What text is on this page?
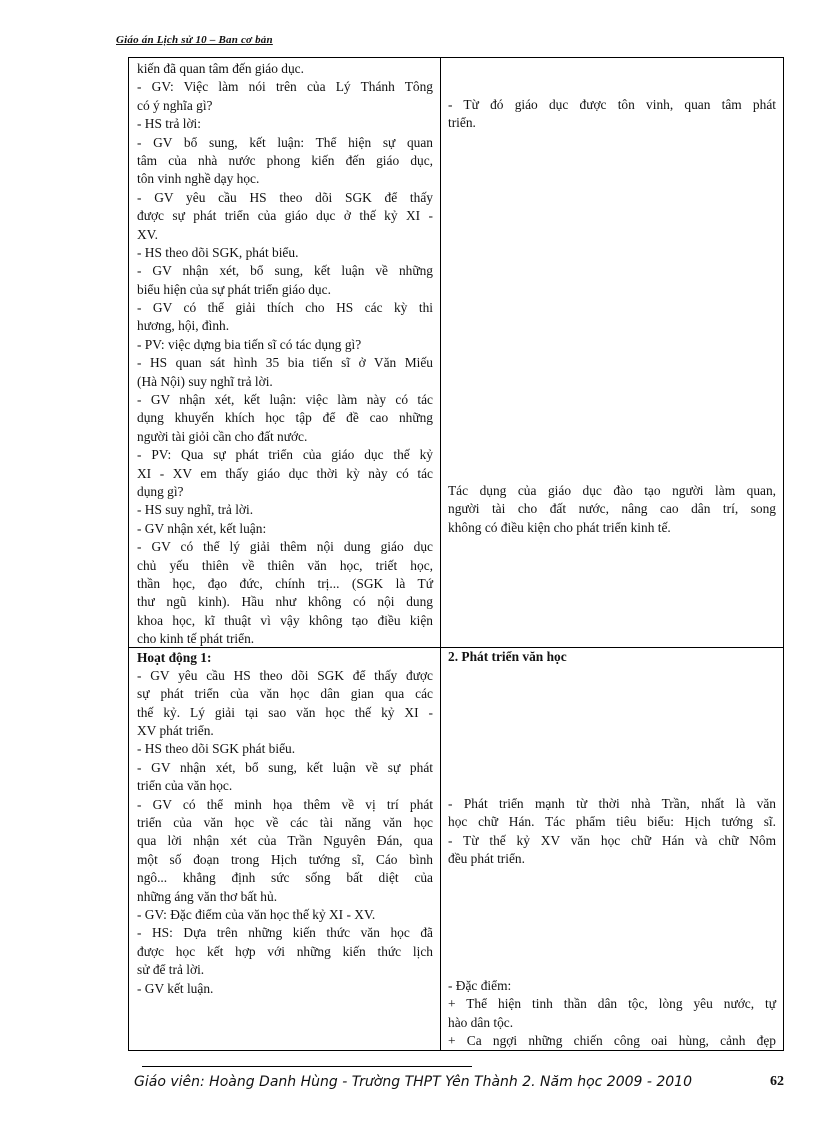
Giáo án Lịch sử 10 – Ban cơ bản
kiến đã quan tâm đến giáo dục.
- GV: Việc làm nói trên của Lý Thánh Tông
có ý nghĩa gì?
- HS trả lời:
- GV bổ sung, kết luận: Thể hiện sự quan
tâm của nhà nước phong kiến đến giáo dục,
tôn vinh nghề dạy học.
- GV yêu cầu HS theo dõi SGK để thấy
được sự phát triển của giáo dục ở thế kỷ XI -
XV.
- HS theo dõi SGK, phát biểu.
- GV nhận xét, bổ sung, kết luận về những
biểu hiện của sự phát triển giáo dục.
- GV có thể giải thích cho HS các kỳ thi
hương, hội, đình.
- PV: việc dựng bia tiến sĩ có tác dụng gì?
- HS quan sát hình 35 bia tiến sĩ ở Văn Miếu
(Hà Nội) suy nghĩ trả lời.
- GV nhận xét, kết luận: việc làm này có tác
dụng khuyến khích học tập để đề cao những
người tài giỏi cần cho đất nước.
- PV: Qua sự phát triển của giáo dục thế kỷ
XI - XV em thấy giáo dục thời kỳ này có tác
dụng gì?
- HS suy nghĩ, trả lời.
- GV nhận xét, kết luận:
- GV có thể lý giải thêm nội dung giáo dục
chủ yếu thiên về thiên văn học, triết học,
thần học, đạo đức, chính trị... (SGK là Tứ
thư ngũ kinh). Hầu như không có nội dung
khoa học, kĩ thuật vì vậy không tạo điều kiện
cho kinh tế phát triển.
Hoạt động 1:
- GV yêu cầu HS theo dõi SGK để thấy được
sự phát triển của văn học dân gian qua các
thế kỷ. Lý giải tại sao văn học thế kỷ XI -
XV phát triển.
- HS theo dõi SGK phát biểu.
- GV nhận xét, bổ sung, kết luận về sự phát
triển của văn học.
- GV có thể minh họa thêm về vị trí phát
triển của văn học về các tài năng văn học
qua lời nhận xét của Trần Nguyên Đán, qua
một số đoạn trong Hịch tướng sĩ, Cáo bình
ngô... khẳng định sức sống bất diệt của
những áng văn thơ bất hủ.
- GV: Đặc điểm của văn học thế kỷ XI - XV.
- HS: Dựa trên những kiến thức văn học đã
được học kết hợp với những kiến thức lịch
sử để trả lời.
- GV kết luận.
- Từ đó giáo dục được tôn vinh, quan tâm phát
triển.
Tác dụng của giáo dục đào tạo người làm quan,
người tài cho đất nước, nâng cao dân trí, song
không có điều kiện cho phát triển kinh tế.
2. Phát triển văn học
- Phát triển mạnh từ thời nhà Trần, nhất là văn
học chữ Hán. Tác phẩm tiêu biểu: Hịch tướng sĩ.
- Từ thế kỷ XV văn học chữ Hán và chữ Nôm
đều phát triển.
- Đặc điểm:
+ Thể hiện tinh thần dân tộc, lòng yêu nước, tự
hào dân tộc.
+ Ca ngợi những chiến công oai hùng, cảnh đẹp
Giáo viên: Hoàng Danh Hùng - Trường THPT Yên Thành 2. Năm học 2009 - 2010	62
